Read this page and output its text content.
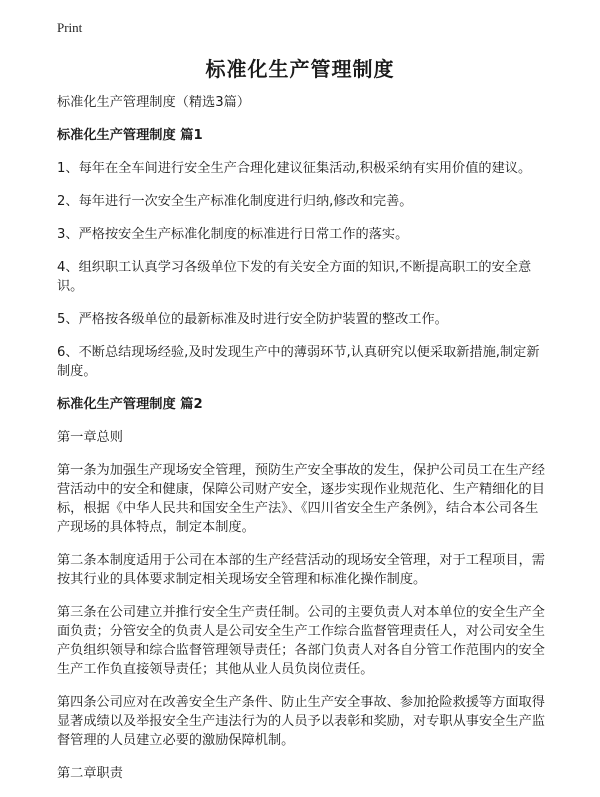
Print
标准化生产管理制度
标准化生产管理制度（精选3篇）
标准化生产管理制度 篇1
1、每年在全车间进行安全生产合理化建议征集活动,积极采纳有实用价值的建议。
2、每年进行一次安全生产标准化制度进行归纳,修改和完善。
3、严格按安全生产标准化制度的标准进行日常工作的落实。
4、组织职工认真学习各级单位下发的有关安全方面的知识,不断提高职工的安全意识。
5、严格按各级单位的最新标准及时进行安全防护装置的整改工作。
6、不断总结现场经验,及时发现生产中的薄弱环节,认真研究以便采取新措施,制定新制度。
标准化生产管理制度 篇2
第一章总则
第一条为加强生产现场安全管理，预防生产安全事故的发生，保护公司员工在生产经营活动中的安全和健康，保障公司财产安全，逐步实现作业规范化、生产精细化的目标，根据《中华人民共和国安全生产法》、《四川省安全生产条例》，结合本公司各生产现场的具体特点，制定本制度。
第二条本制度适用于公司在本部的生产经营活动的现场安全管理，对于工程项目，需按其行业的具体要求制定相关现场安全管理和标准化操作制度。
第三条在公司建立并推行安全生产责任制。公司的主要负责人对本单位的安全生产全面负责；分管安全的负责人是公司安全生产工作综合监督管理责任人，对公司安全生产负组织领导和综合监督管理领导责任；各部门负责人对各自分管工作范围内的安全生产工作负直接领导责任；其他从业人员负岗位责任。
第四条公司应对在改善安全生产条件、防止生产安全事故、参加抢险救援等方面取得显著成绩以及举报安全生产违法行为的人员予以表彰和奖励，对专职从事安全生产监督管理的人员建立必要的激励保障机制。
第二章职责
